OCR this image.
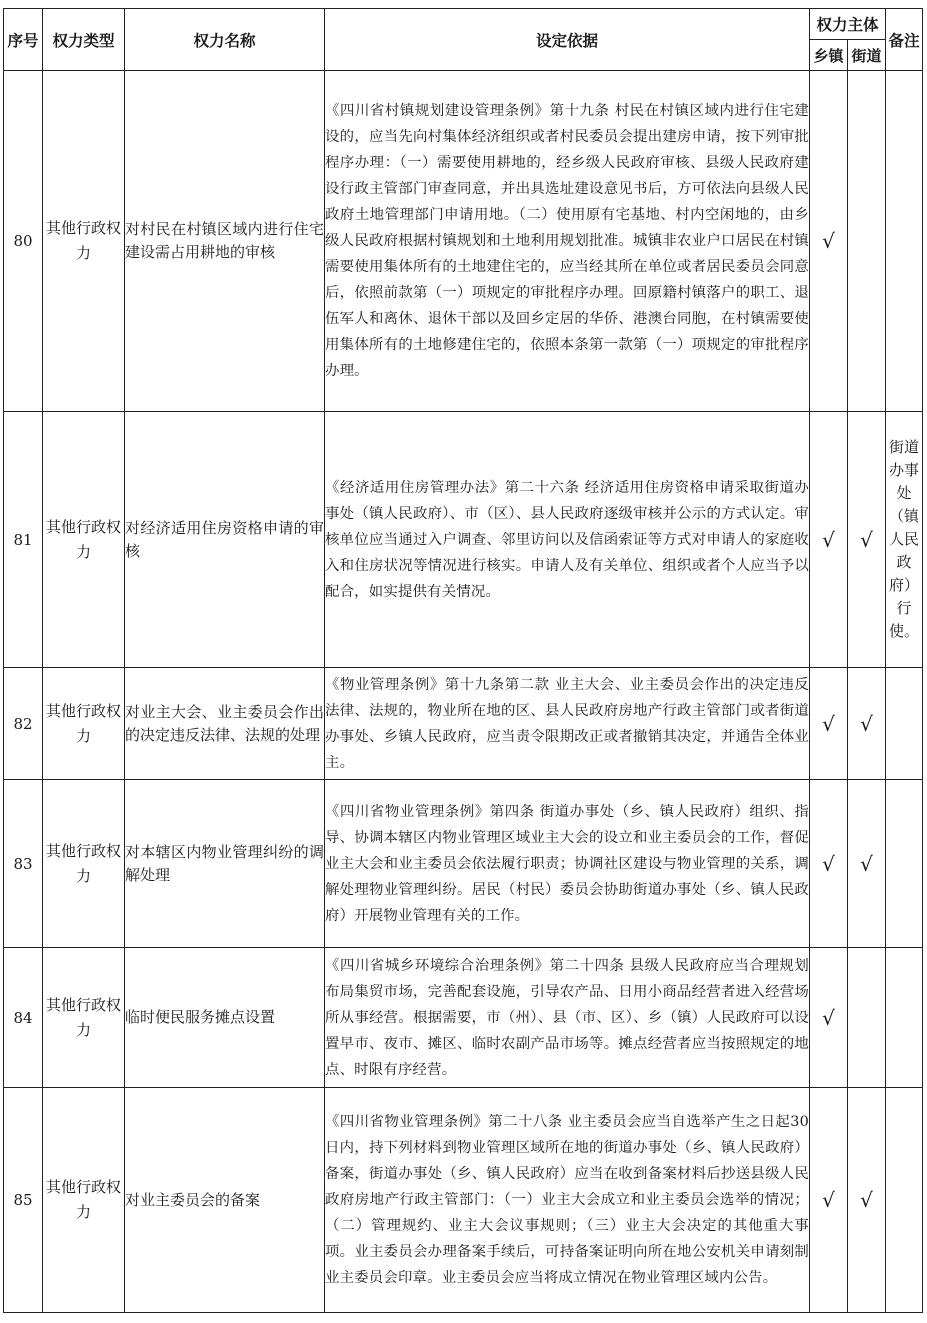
序号	权力类型	权力名称	设定依据	权力主体		备注
				乡镇	街道	
80	其他行政权力	对村民在村镇区域内进行住宅建设需占用耕地的审核	《四川省村镇规划建设管理条例》第十九条 村民在村镇区域内进行住宅建设的，应当先向村集体经济组织或者村民委员会提出建房申请，按下列审批程序办理：（一）需要使用耕地的，经乡级人民政府审核、县级人民政府建设行政主管部门审查同意，并出具选址建设意见书后，方可依法向县级人民政府土地管理部门申请用地。（二）使用原有宅基地、村内空闲地的，由乡级人民政府根据村镇规划和土地利用规划批准。城镇非农业户口居民在村镇需要使用集体所有的土地建住宅的，应当经其所在单位或者居民委员会同意后，依照前款第（一）项规定的审批程序办理。回原籍村镇落户的职工、退伍军人和离休、退休干部以及回乡定居的华侨、港澳台同胞，在村镇需要使用集体所有的土地修建住宅的，依照本条第一款第（一）项规定的审批程序办理。	√		
81	其他行政权力	对经济适用住房资格申请的审核	《经济适用住房管理办法》第二十六条 经济适用住房资格申请采取街道办事处（镇人民政府）、市（区）、县人民政府逐级审核并公示的方式认定。审核单位应当通过入户调查、邻里访问以及信函索证等方式对申请人的家庭收入和住房状况等情况进行核实。申请人及有关单位、组织或者个人应当予以配合，如实提供有关情况。	√	√	街道办事处（镇人民政府）行使。
82	其他行政权力	对业主大会、业主委员会作出的决定违反法律、法规的处理	《物业管理条例》第十九条第二款 业主大会、业主委员会作出的决定违反法律、法规的，物业所在地的区、县人民政府房地产行政主管部门或者街道办事处、乡镇人民政府，应当责令限期改正或者撤销其决定，并通告全体业主。	√	√	
83	其他行政权力	对本辖区内物业管理纠纷的调解处理	《四川省物业管理条例》第四条 街道办事处（乡、镇人民政府）组织、指导、协调本辖区内物业管理区域业主大会的设立和业主委员会的工作，督促业主大会和业主委员会依法履行职责；协调社区建设与物业管理的关系，调解处理物业管理纠纷。居民（村民）委员会协助街道办事处（乡、镇人民政府）开展物业管理有关的工作。	√	√	
84	其他行政权力	临时便民服务摊点设置	《四川省城乡环境综合治理条例》第二十四条 县级人民政府应当合理规划布局集贸市场，完善配套设施，引导农产品、日用小商品经营者进入经营场所从事经营。根据需要，市（州）、县（市、区）、乡（镇）人民政府可以设置早市、夜市、摊区、临时农副产品市场等。摊点经营者应当按照规定的地点、时限有序经营。	√		
85	其他行政权力	对业主委员会的备案	《四川省物业管理条例》第二十八条 业主委员会应当自选举产生之日起30日内，持下列材料到物业管理区域所在地的街道办事处（乡、镇人民政府）备案，街道办事处（乡、镇人民政府）应当在收到备案材料后抄送县级人民政府房地产行政主管部门：（一）业主大会成立和业主委员会选举的情况；（二）管理规约、业主大会议事规则；（三）业主大会决定的其他重大事项。业主委员会办理备案手续后，可持备案证明向所在地公安机关申请刻制业主委员会印章。业主委员会应当将成立情况在物业管理区域内公告。	√	√	
